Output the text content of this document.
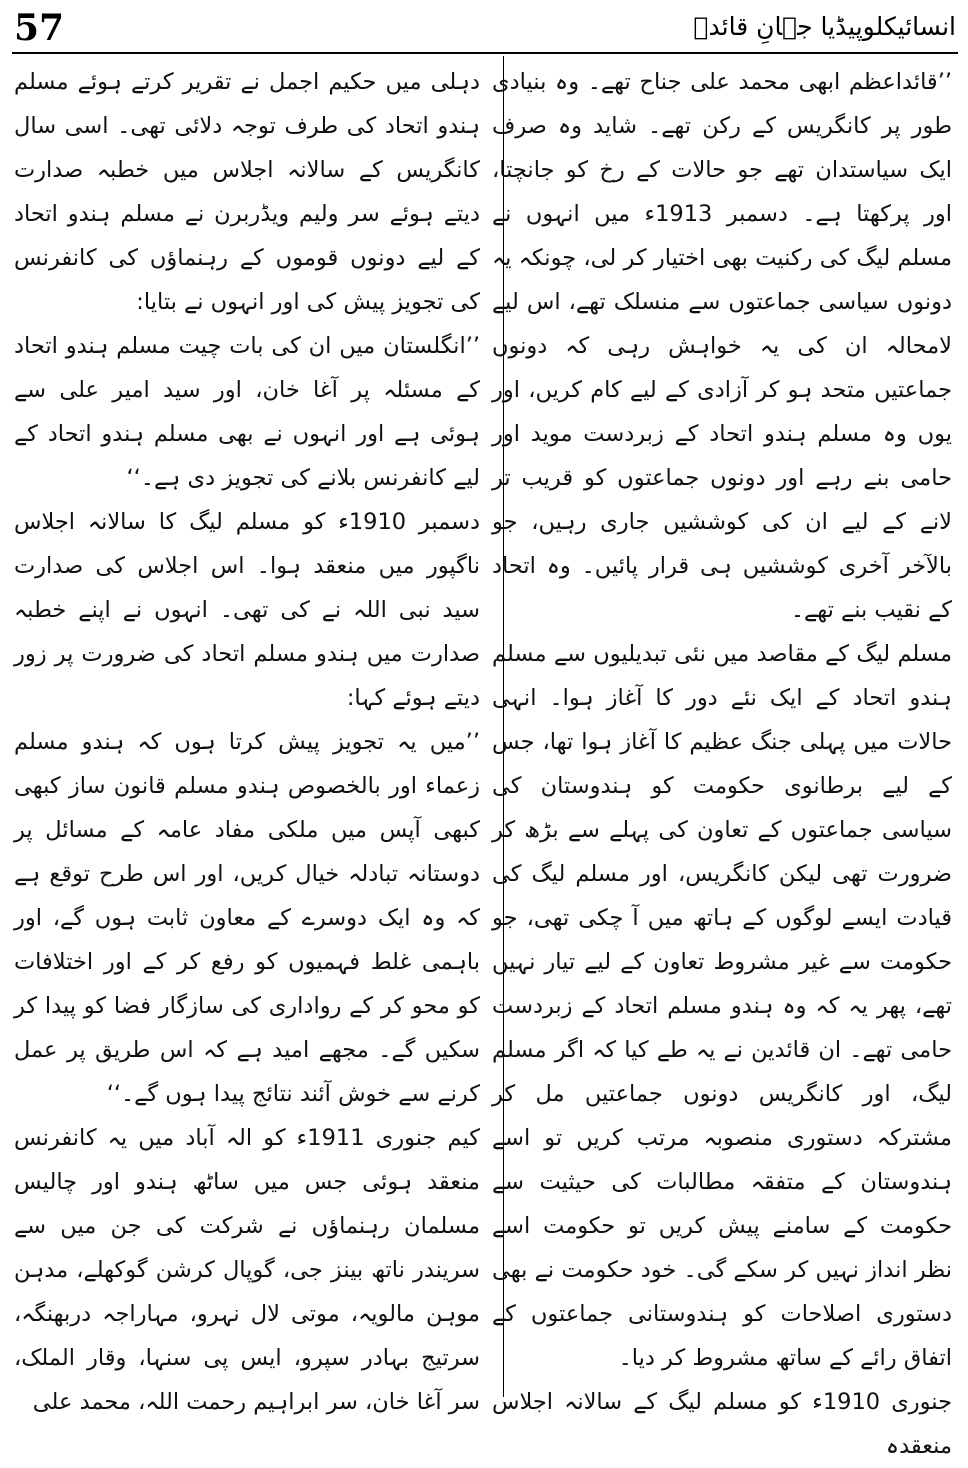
57	انسائیکلوپیڈیا جہانِ قائدؒ

’’قائداعظم ابھی محمد علی جناح تھے۔ وہ بنیادی طور پر کانگریس کے رکن تھے۔ شاید وہ صرف ایک سیاستدان تھے جو حالات کے رخ کو جانچتا، اور پرکھتا ہے۔ دسمبر 1913ء میں انہوں نے مسلم لیگ کی رکنیت بھی اختیار کر لی، چونکہ یہ دونوں سیاسی جماعتوں سے منسلک تھے، اس لیے لامحالہ ان کی یہ خواہش رہی کہ دونوں جماعتیں متحد ہو کر آزادی کے لیے کام کریں، اور یوں وہ مسلم ہندو اتحاد کے زبردست موید اور حامی بنے رہے اور دونوں جماعتوں کو قریب تر لانے کے لیے ان کی کوششیں جاری رہیں، جو بالآخر آخری کوششیں ہی قرار پائیں۔ وہ اتحاد کے نقیب بنے تھے۔

مسلم لیگ کے مقاصد میں نئی تبدیلیوں سے مسلم ہندو اتحاد کے ایک نئے دور کا آغاز ہوا۔ انہی حالات میں پہلی جنگ عظیم کا آغاز ہوا تھا، جس کے لیے برطانوی حکومت کو ہندوستان کی سیاسی جماعتوں کے تعاون کی پہلے سے بڑھ کر ضرورت تھی لیکن کانگریس، اور مسلم لیگ کی قیادت ایسے لوگوں کے ہاتھ میں آ چکی تھی، جو حکومت سے غیر مشروط تعاون کے لیے تیار نہیں تھے، پھر یہ کہ وہ ہندو مسلم اتحاد کے زبردست حامی تھے۔ ان قائدین نے یہ طے کیا کہ اگر مسلم لیگ، اور کانگریس دونوں جماعتیں مل کر مشترکہ دستوری منصوبہ مرتب کریں تو اسے ہندوستان کے متفقہ مطالبات کی حیثیت سے حکومت کے سامنے پیش کریں تو حکومت اسے نظر انداز نہیں کر سکے گی۔ خود حکومت نے بھی دستوری اصلاحات کو ہندوستانی جماعتوں کے اتفاق رائے کے ساتھ مشروط کر دیا۔

جنوری 1910ء کو مسلم لیگ کے سالانہ اجلاس منعقدہ

دہلی میں حکیم اجمل نے تقریر کرتے ہوئے مسلم ہندو اتحاد کی طرف توجہ دلائی تھی۔ اسی سال کانگریس کے سالانہ اجلاس میں خطبہ صدارت دیتے ہوئے سر ولیم ویڈربرن نے مسلم ہندو اتحاد کے لیے دونوں قوموں کے رہنماؤں کی کانفرنس کی تجویز پیش کی اور انہوں نے بتایا:

’’انگلستان میں ان کی بات چیت مسلم ہندو اتحاد کے مسئلہ پر آغا خان، اور سید امیر علی سے ہوئی ہے اور انہوں نے بھی مسلم ہندو اتحاد کے لیے کانفرنس بلانے کی تجویز دی ہے۔‘‘

دسمبر 1910ء کو مسلم لیگ کا سالانہ اجلاس ناگپور میں منعقد ہوا۔ اس اجلاس کی صدارت سید نبی اللہ نے کی تھی۔ انہوں نے اپنے خطبہ صدارت میں ہندو مسلم اتحاد کی ضرورت پر زور دیتے ہوئے کہا:

’’میں یہ تجویز پیش کرتا ہوں کہ ہندو مسلم زعماء اور بالخصوص ہندو مسلم قانون ساز کبھی کبھی آپس میں ملکی مفاد عامہ کے مسائل پر دوستانہ تبادلہ خیال کریں، اور اس طرح توقع ہے کہ وہ ایک دوسرے کے معاون ثابت ہوں گے، اور باہمی غلط فہمیوں کو رفع کر کے اور اختلافات کو محو کر کے رواداری کی سازگار فضا کو پیدا کر سکیں گے۔ مجھے امید ہے کہ اس طریق پر عمل کرنے سے خوش آئند نتائج پیدا ہوں گے۔‘‘

کیم جنوری 1911ء کو الہ آباد میں یہ کانفرنس منعقد ہوئی جس میں ساٹھ ہندو اور چالیس مسلمان رہنماؤں نے شرکت کی جن میں سے سریندر ناتھ بینز جی، گوپال کرشن گوکھلے، مدہن موہن مالویہ، موتی لال نہرو، مہاراجہ دربھنگہ، سرتیج بہادر سپرو، ایس پی سنہا، وقار الملک، سر آغا خان، سر ابراہیم رحمت اللہ، محمد علی
